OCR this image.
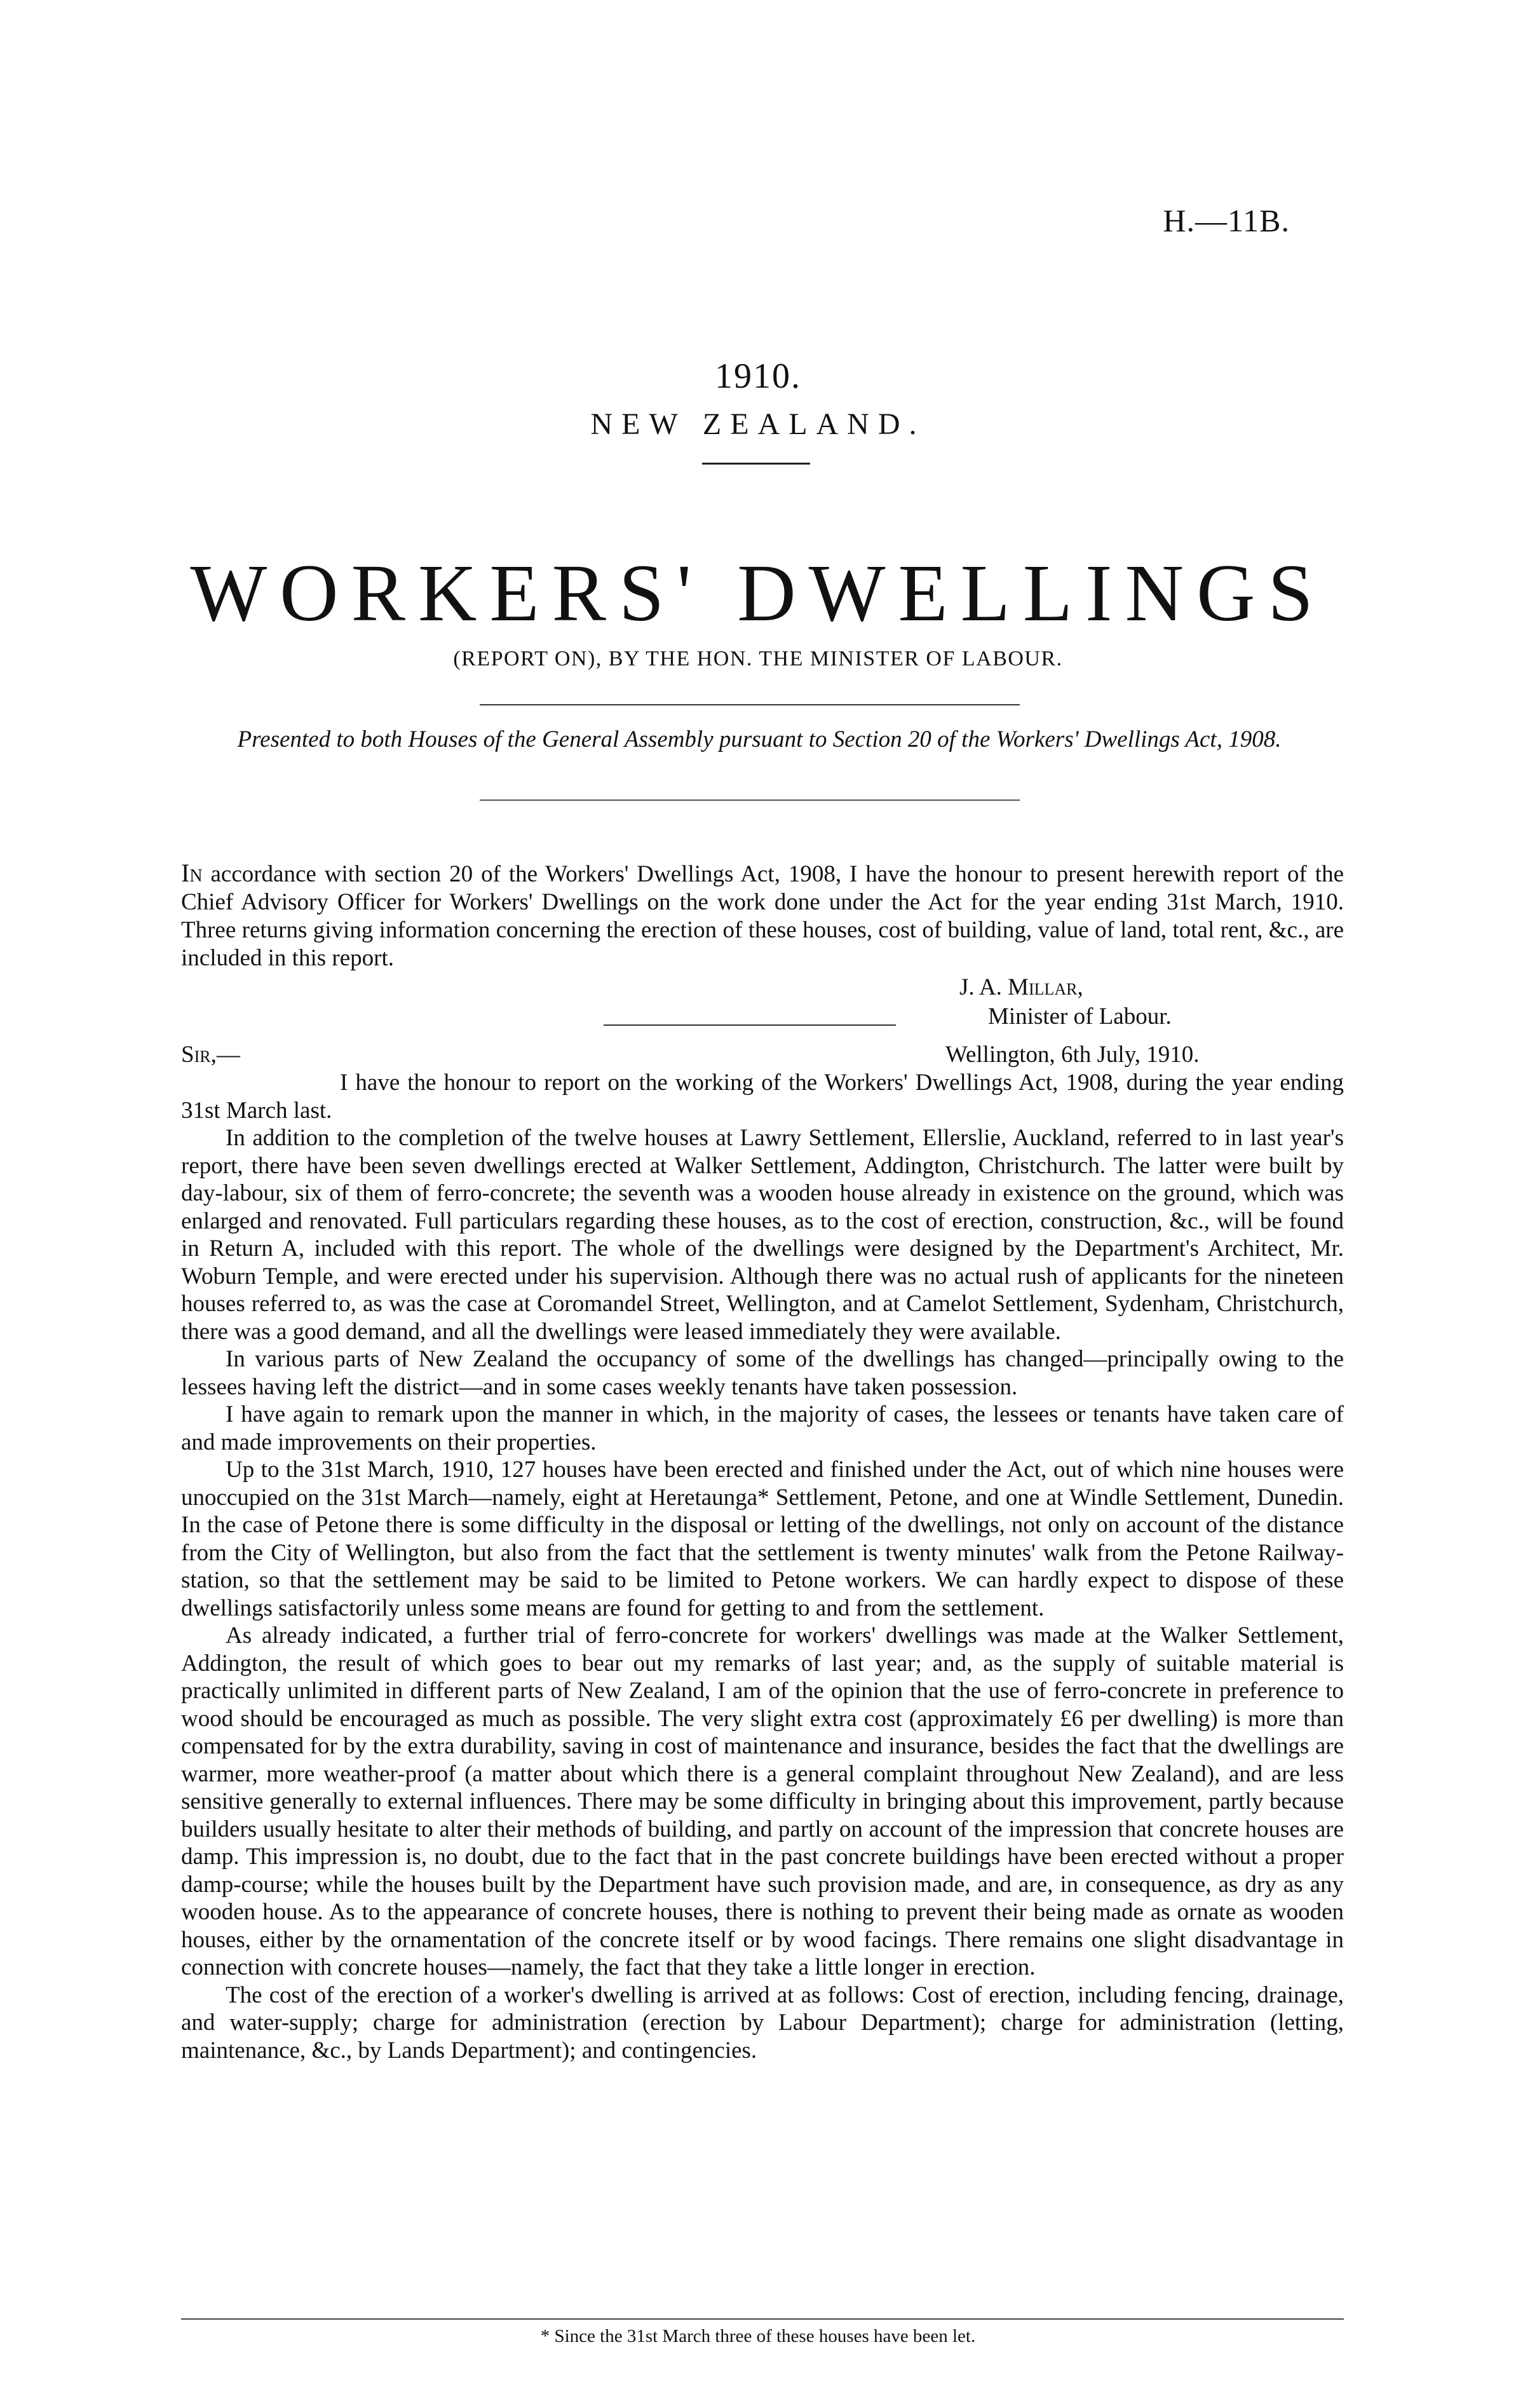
H.—11B.
1910.
NEW ZEALAND.
WORKERS' DWELLINGS
(REPORT ON), BY THE HON. THE MINISTER OF LABOUR.
Presented to both Houses of the General Assembly pursuant to Section 20 of the Workers' Dwellings Act, 1908.

In accordance with section 20 of the Workers' Dwellings Act, 1908, I have the honour to present herewith report of the Chief Advisory Officer for Workers' Dwellings on the work done under the Act for the year ending 31st March, 1910. Three returns giving information concerning the erection of these houses, cost of building, value of land, total rent, &c., are included in this report.

J. A. Millar,
Minister of Labour.
Sir,—	Wellington, 6th July, 1910.

I have the honour to report on the working of the Workers' Dwellings Act, 1908, during the year ending 31st March last.

In addition to the completion of the twelve houses at Lawry Settlement, Ellerslie, Auckland, referred to in last year's report, there have been seven dwellings erected at Walker Settlement, Addington, Christchurch. The latter were built by day-labour, six of them of ferro-concrete; the seventh was a wooden house already in existence on the ground, which was enlarged and renovated. Full particulars regarding these houses, as to the cost of erection, construction, &c., will be found in Return A, included with this report. The whole of the dwellings were designed by the Department's Architect, Mr. Woburn Temple, and were erected under his supervision. Although there was no actual rush of applicants for the nineteen houses referred to, as was the case at Coromandel Street, Wellington, and at Camelot Settlement, Sydenham, Christchurch, there was a good demand, and all the dwellings were leased immediately they were available.

In various parts of New Zealand the occupancy of some of the dwellings has changed—principally owing to the lessees having left the district—and in some cases weekly tenants have taken possession.

I have again to remark upon the manner in which, in the majority of cases, the lessees or tenants have taken care of and made improvements on their properties.

Up to the 31st March, 1910, 127 houses have been erected and finished under the Act, out of which nine houses were unoccupied on the 31st March—namely, eight at Heretaunga* Settlement, Petone, and one at Windle Settlement, Dunedin. In the case of Petone there is some difficulty in the disposal or letting of the dwellings, not only on account of the distance from the City of Wellington, but also from the fact that the settlement is twenty minutes' walk from the Petone Railway-station, so that the settlement may be said to be limited to Petone workers. We can hardly expect to dispose of these dwellings satisfactorily unless some means are found for getting to and from the settlement.

As already indicated, a further trial of ferro-concrete for workers' dwellings was made at the Walker Settlement, Addington, the result of which goes to bear out my remarks of last year; and, as the supply of suitable material is practically unlimited in different parts of New Zealand, I am of the opinion that the use of ferro-concrete in preference to wood should be encouraged as much as possible. The very slight extra cost (approximately £6 per dwelling) is more than compensated for by the extra durability, saving in cost of maintenance and insurance, besides the fact that the dwellings are warmer, more weather-proof (a matter about which there is a general complaint throughout New Zealand), and are less sensitive generally to external influences. There may be some difficulty in bringing about this improvement, partly because builders usually hesitate to alter their methods of building, and partly on account of the impression that concrete houses are damp. This impression is, no doubt, due to the fact that in the past concrete buildings have been erected without a proper damp-course; while the houses built by the Department have such provision made, and are, in consequence, as dry as any wooden house. As to the appearance of concrete houses, there is nothing to prevent their being made as ornate as wooden houses, either by the ornamentation of the concrete itself or by wood facings. There remains one slight disadvantage in connection with concrete houses—namely, the fact that they take a little longer in erection.

The cost of the erection of a worker's dwelling is arrived at as follows: Cost of erection, including fencing, drainage, and water-supply; charge for administration (erection by Labour Department); charge for administration (letting, maintenance, &c., by Lands Department); and contingencies.

* Since the 31st March three of these houses have been let.
